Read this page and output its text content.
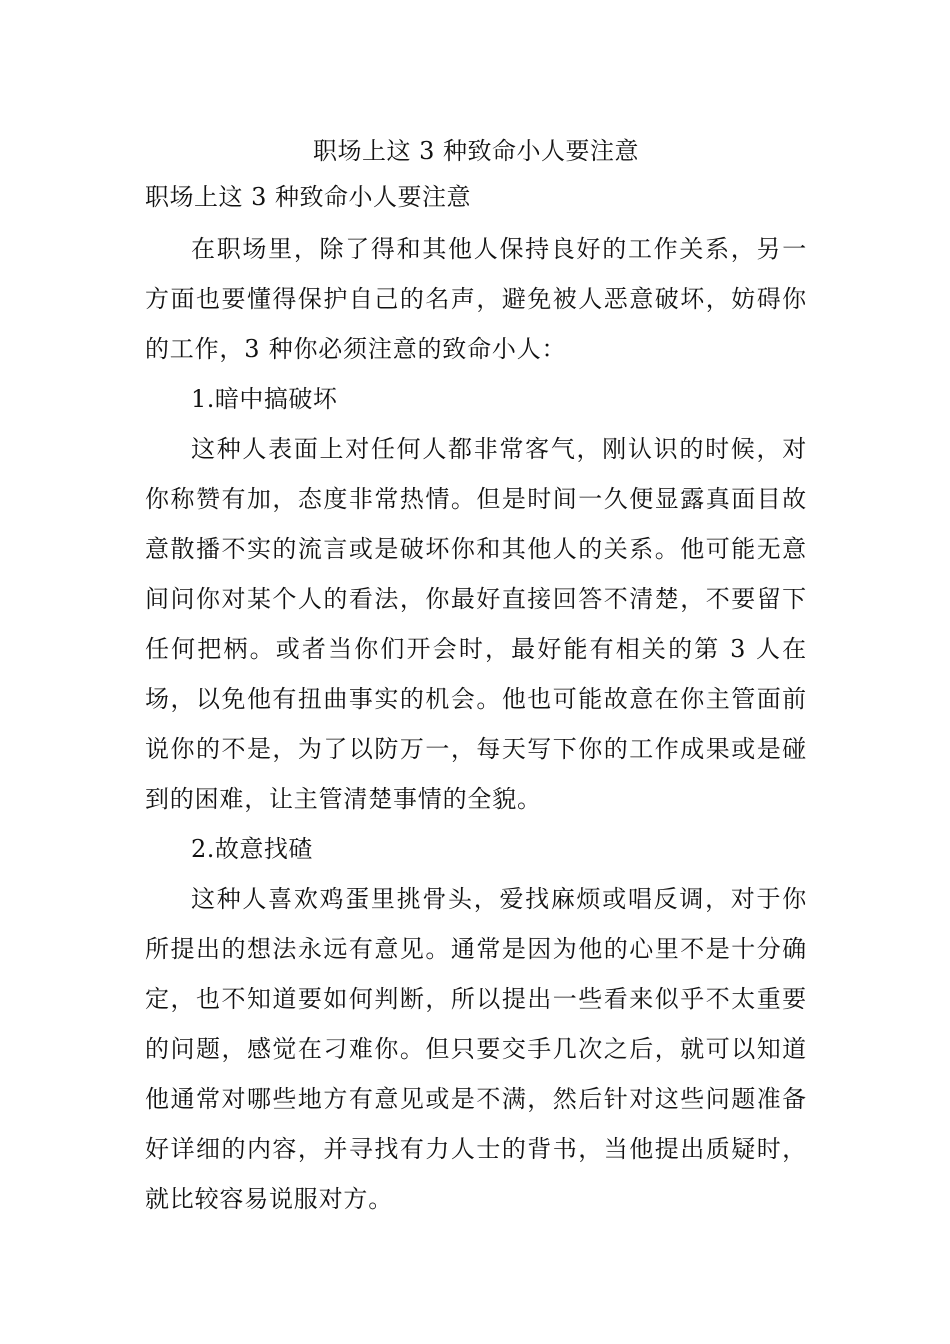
职场上这 3 种致命小人要注意
职场上这 3 种致命小人要注意

在职场里，除了得和其他人保持良好的工作关系，另一方面也要懂得保护自己的名声，避免被人恶意破坏，妨碍你的工作，3 种你必须注意的致命小人：

1.暗中搞破坏

这种人表面上对任何人都非常客气，刚认识的时候，对你称赞有加，态度非常热情。但是时间一久便显露真面目故意散播不实的流言或是破坏你和其他人的关系。他可能无意间问你对某个人的看法，你最好直接回答不清楚，不要留下任何把柄。或者当你们开会时，最好能有相关的第 3 人在场，以免他有扭曲事实的机会。他也可能故意在你主管面前说你的不是，为了以防万一，每天写下你的工作成果或是碰到的困难，让主管清楚事情的全貌。

2.故意找碴

这种人喜欢鸡蛋里挑骨头，爱找麻烦或唱反调，对于你所提出的想法永远有意见。通常是因为他的心里不是十分确定，也不知道要如何判断，所以提出一些看来似乎不太重要的问题，感觉在刁难你。但只要交手几次之后，就可以知道他通常对哪些地方有意见或是不满，然后针对这些问题准备好详细的内容，并寻找有力人士的背书，当他提出质疑时，就比较容易说服对方。
